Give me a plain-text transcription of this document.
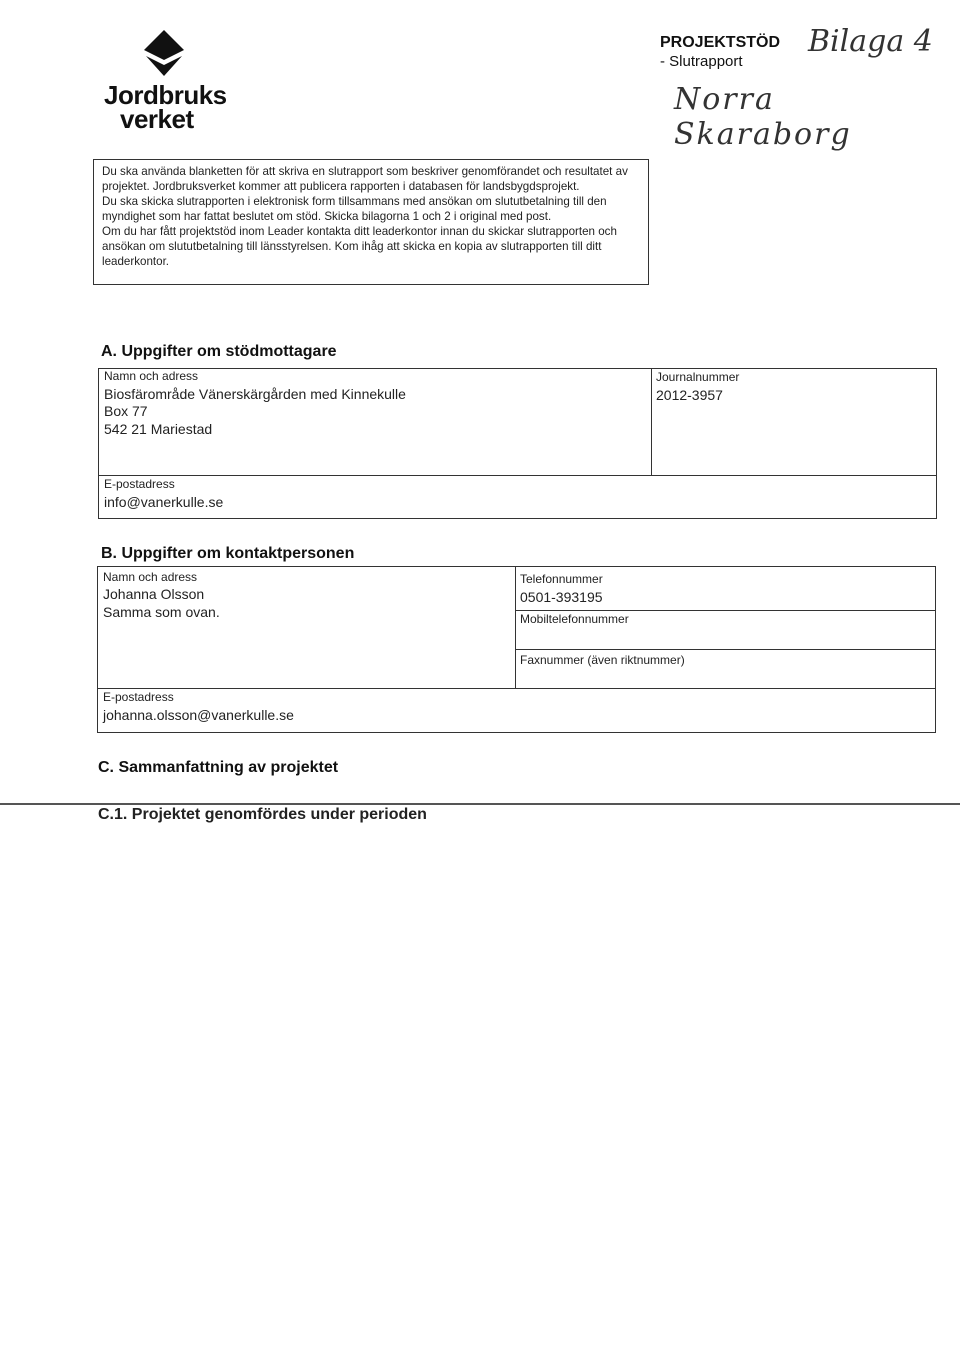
Jordbruks
verket
PROJEKTSTÖD
- Slutrapport
Bilaga 4
Norra Skaraborg
Du ska använda blanketten för att skriva en slutrapport som beskriver genomförandet och resultatet av projektet. Jordbruksverket kommer att publicera rapporten i databasen för landsbygdsprojekt.
Du ska skicka slutrapporten i elektronisk form tillsammans med ansökan om slututbetalning till den myndighet som har fattat beslutet om stöd. Skicka bilagorna 1 och 2 i original med post.
Om du har fått projektstöd inom Leader kontakta ditt leaderkontor innan du skickar slutrapporten och ansökan om slututbetalning till länsstyrelsen. Kom ihåg att skicka en kopia av slutrapporten till ditt leaderkontor.
A. Uppgifter om stödmottagare
Namn och adress
Biosfärområde Vänerskärgården med Kinnekulle
Box 77
542 21 Mariestad
Journalnummer
2012-3957
E-postadress
info@vanerkulle.se
B. Uppgifter om kontaktpersonen
Namn och adress
Johanna Olsson
Samma som ovan.
Telefonnummer
0501-393195
Mobiltelefonnummer
Faxnummer (även riktnummer)
E-postadress
johanna.olsson@vanerkulle.se
C. Sammanfattning av projektet
C.1. Projektet genomfördes under perioden
